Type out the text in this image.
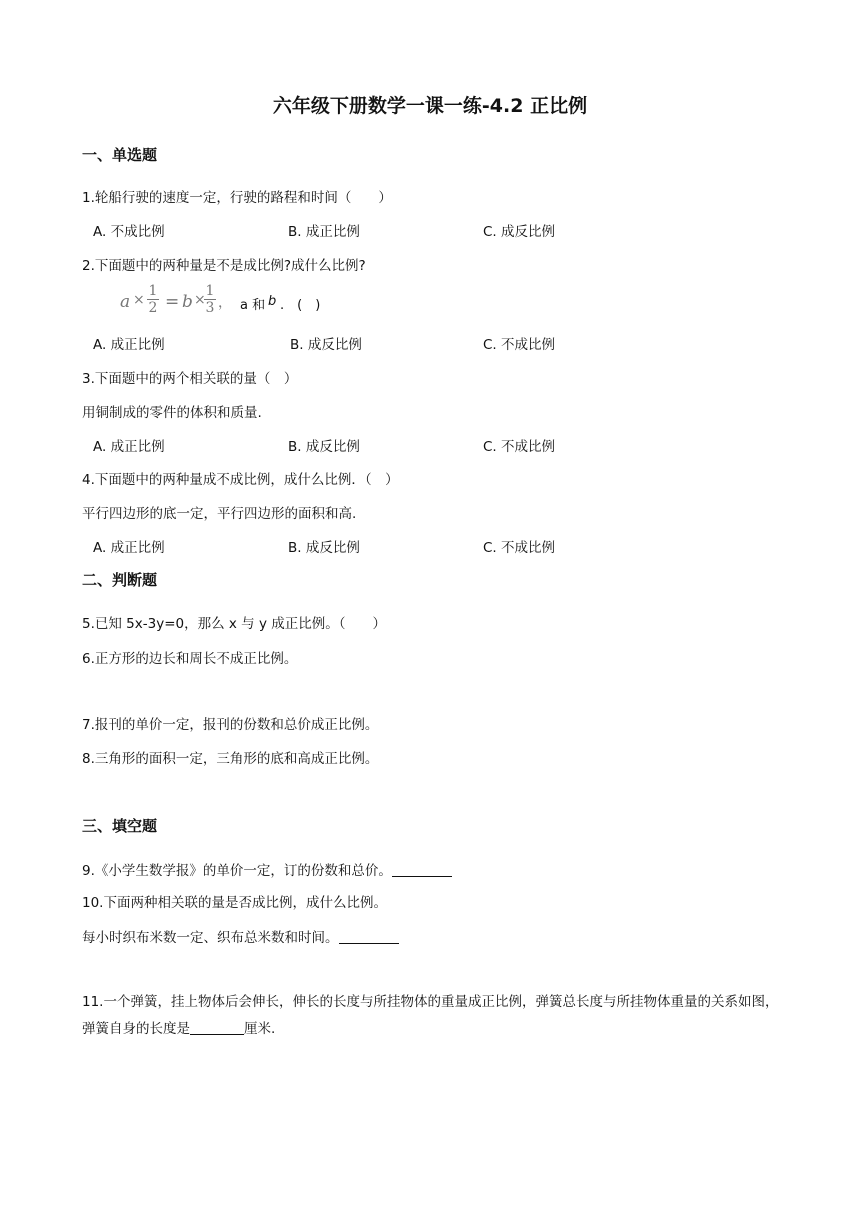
六年级下册数学一课一练-4.2 正比例
一、单选题
1.轮船行驶的速度一定，行驶的路程和时间（　　）
A. 不成比例	B. 成正比例	C. 成反比例
2.下面题中的两种量是不是成比例?成什么比例?
$a \times \frac{1}{2} = b$ ×
$\frac{1}{3}$ ， a 和 b .　(　)
A. 成正比例	B. 成反比例	C. 不成比例
3.下面题中的两个相关联的量（　）
用铜制成的零件的体积和质量.
A. 成正比例	B. 成反比例	C. 不成比例
4.下面题中的两种量成不成比例，成什么比例．（　）
平行四边形的底一定，平行四边形的面积和高.
A. 成正比例	B. 成反比例	C. 不成比例
二、判断题
5.已知 5x-3y=0，那么 x 与 y 成正比例。（　　）
6.正方形的边长和周长不成正比例。
7.报刊的单价一定，报刊的份数和总价成正比例。
8.三角形的面积一定，三角形的底和高成正比例。
三、填空题
9.《小学生数学报》的单价一定，订的份数和总价。
10.下面两种相关联的量是否成比例，成什么比例。
每小时织布米数一定、织布总米数和时间。
11.一个弹簧，挂上物体后会伸长，伸长的长度与所挂物体的重量成正比例，弹簧总长度与所挂物体重量的关系如图，弹簧自身的长度是	厘米.
